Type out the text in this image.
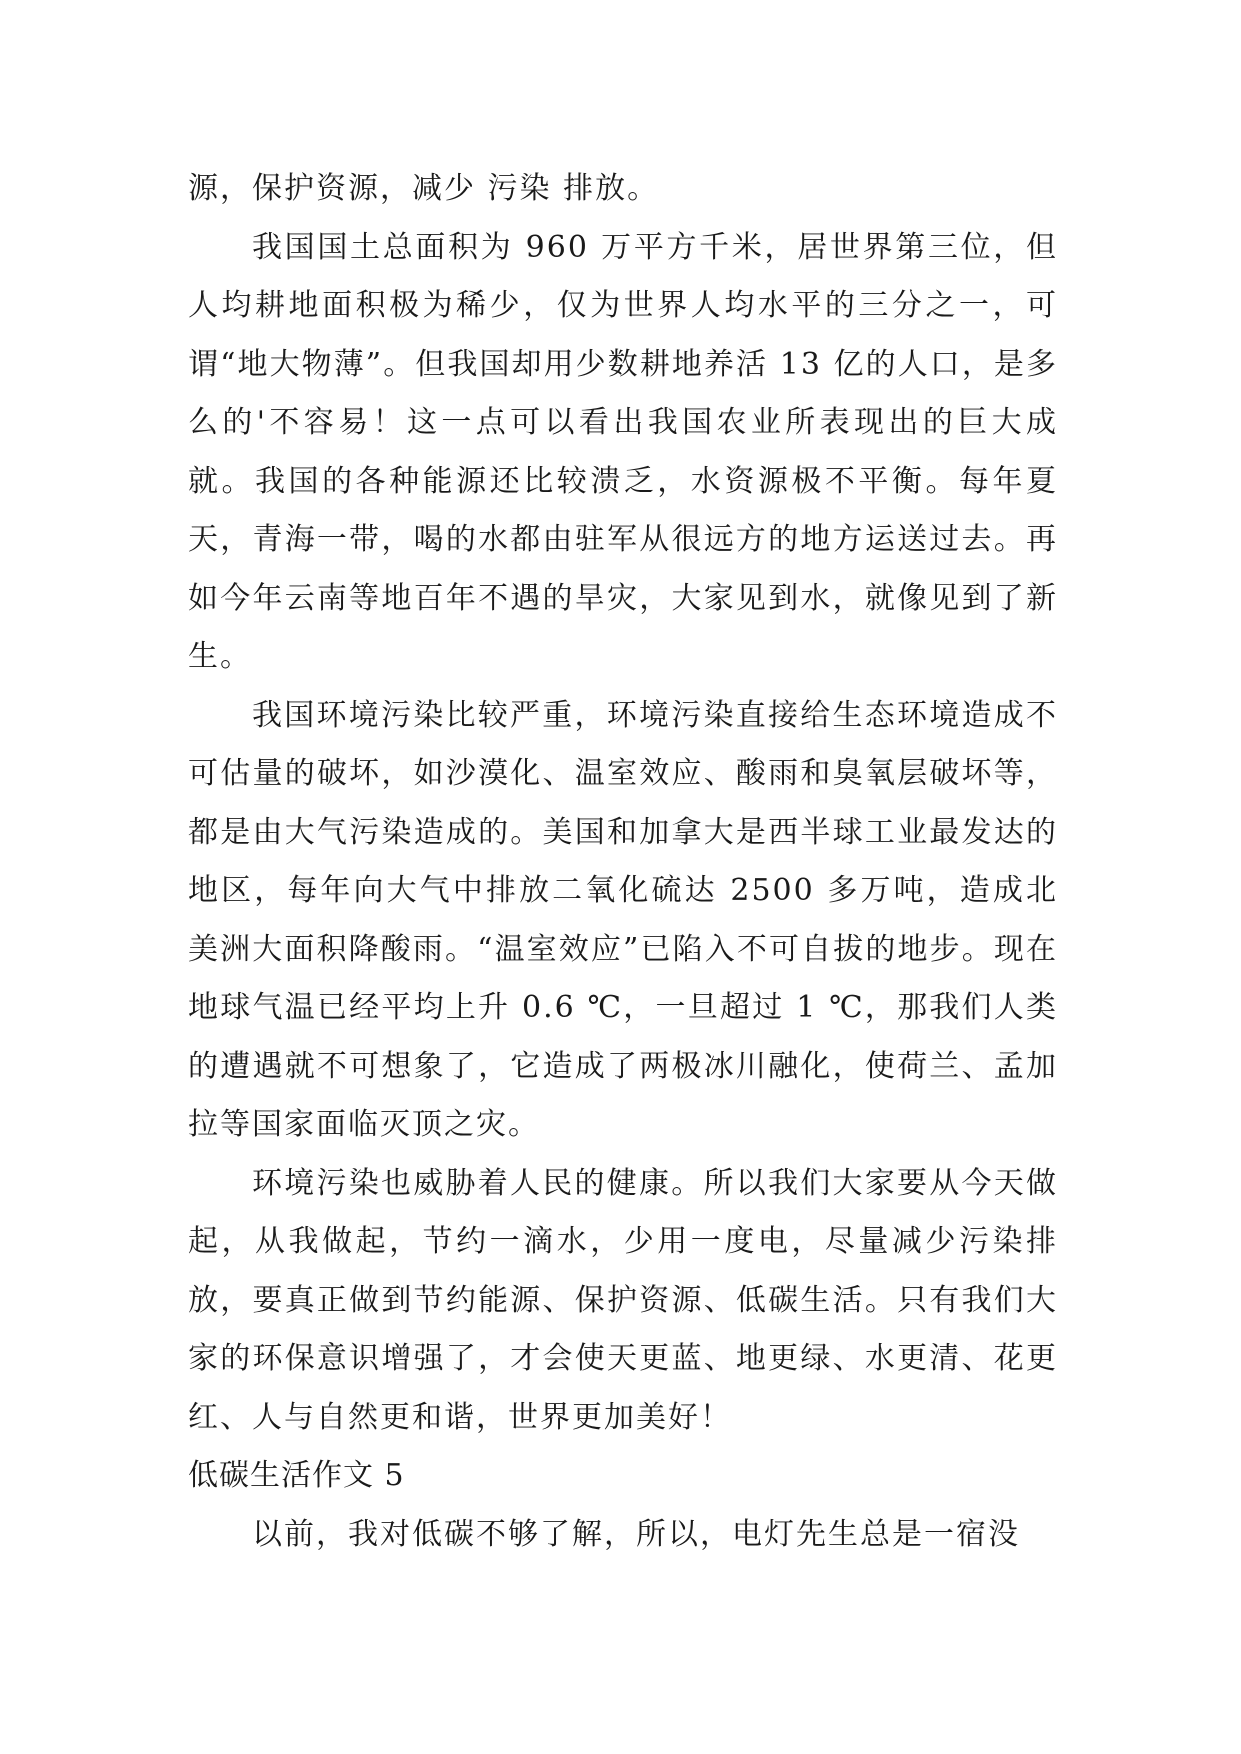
源，保护资源，减少 污染 排放。

我国国土总面积为 960 万平方千米，居世界第三位，但人均耕地面积极为稀少，仅为世界人均水平的三分之一，可谓“地大物薄”。但我国却用少数耕地养活 13 亿的人口，是多么的'不容易！这一点可以看出我国农业所表现出的巨大成就。我国的各种能源还比较溃乏，水资源极不平衡。每年夏天，青海一带，喝的水都由驻军从很远方的地方运送过去。再如今年云南等地百年不遇的旱灾，大家见到水，就像见到了新生。

我国环境污染比较严重，环境污染直接给生态环境造成不可估量的破坏，如沙漠化、温室效应、酸雨和臭氧层破坏等，都是由大气污染造成的。美国和加拿大是西半球工业最发达的地区，每年向大气中排放二氧化硫达 2500 多万吨，造成北美洲大面积降酸雨。“温室效应”已陷入不可自拔的地步。现在地球气温已经平均上升 0.6 ℃，一旦超过 1 ℃，那我们人类的遭遇就不可想象了，它造成了两极冰川融化，使荷兰、孟加拉等国家面临灭顶之灾。

环境污染也威胁着人民的健康。所以我们大家要从今天做起，从我做起，节约一滴水，少用一度电，尽量减少污染排放，要真正做到节约能源、保护资源、低碳生活。只有我们大家的环保意识增强了，才会使天更蓝、地更绿、水更清、花更红、人与自然更和谐，世界更加美好！

低碳生活作文 5

以前，我对低碳不够了解，所以，电灯先生总是一宿没
